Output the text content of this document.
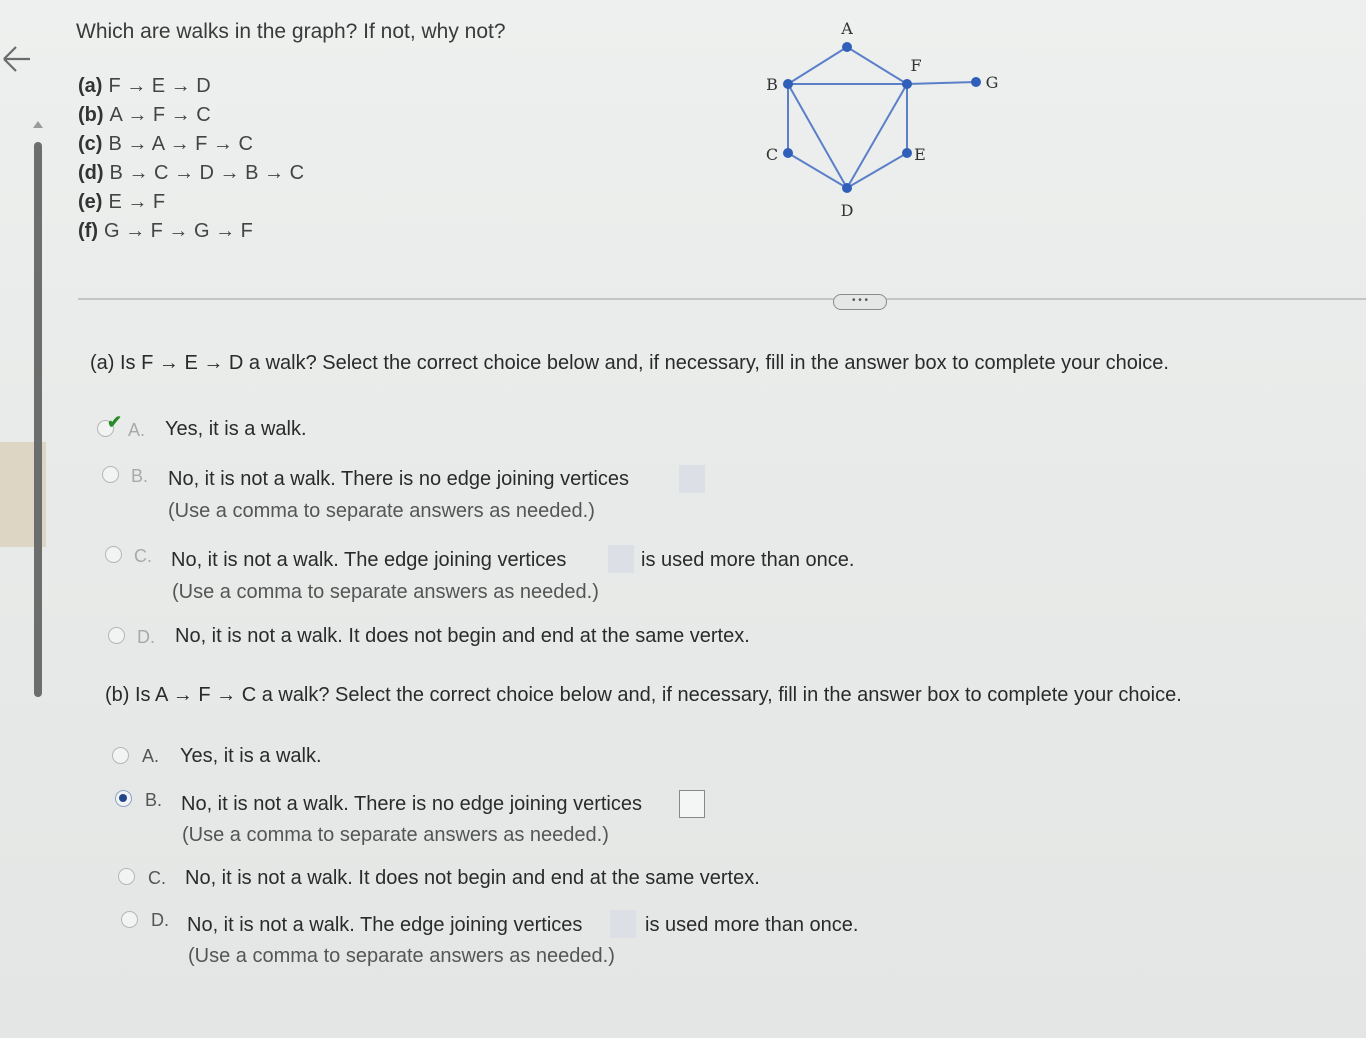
Which are walks in the graph? If not, why not?
(a) F → E → D
(b) A → F → C
(c) B → A → F → C
(d) B → C → D → B → C
(e) E → F
(f) G → F → G → F
A
B
C
D
E
F
G
• • •
(a) Is F → E → D a walk? Select the correct choice below and, if necessary, fill in the answer box to complete your choice.
✔ A. Yes, it is a walk.
B. No, it is not a walk. There is no edge joining vertices
(Use a comma to separate answers as needed.)
C. No, it is not a walk. The edge joining vertices	is used more than once.
(Use a comma to separate answers as needed.)
D. No, it is not a walk. It does not begin and end at the same vertex.
(b) Is A → F → C a walk? Select the correct choice below and, if necessary, fill in the answer box to complete your choice.
A. Yes, it is a walk.
B. No, it is not a walk. There is no edge joining vertices
(Use a comma to separate answers as needed.)
C. No, it is not a walk. It does not begin and end at the same vertex.
D. No, it is not a walk. The edge joining vertices	is used more than once.
(Use a comma to separate answers as needed.)
